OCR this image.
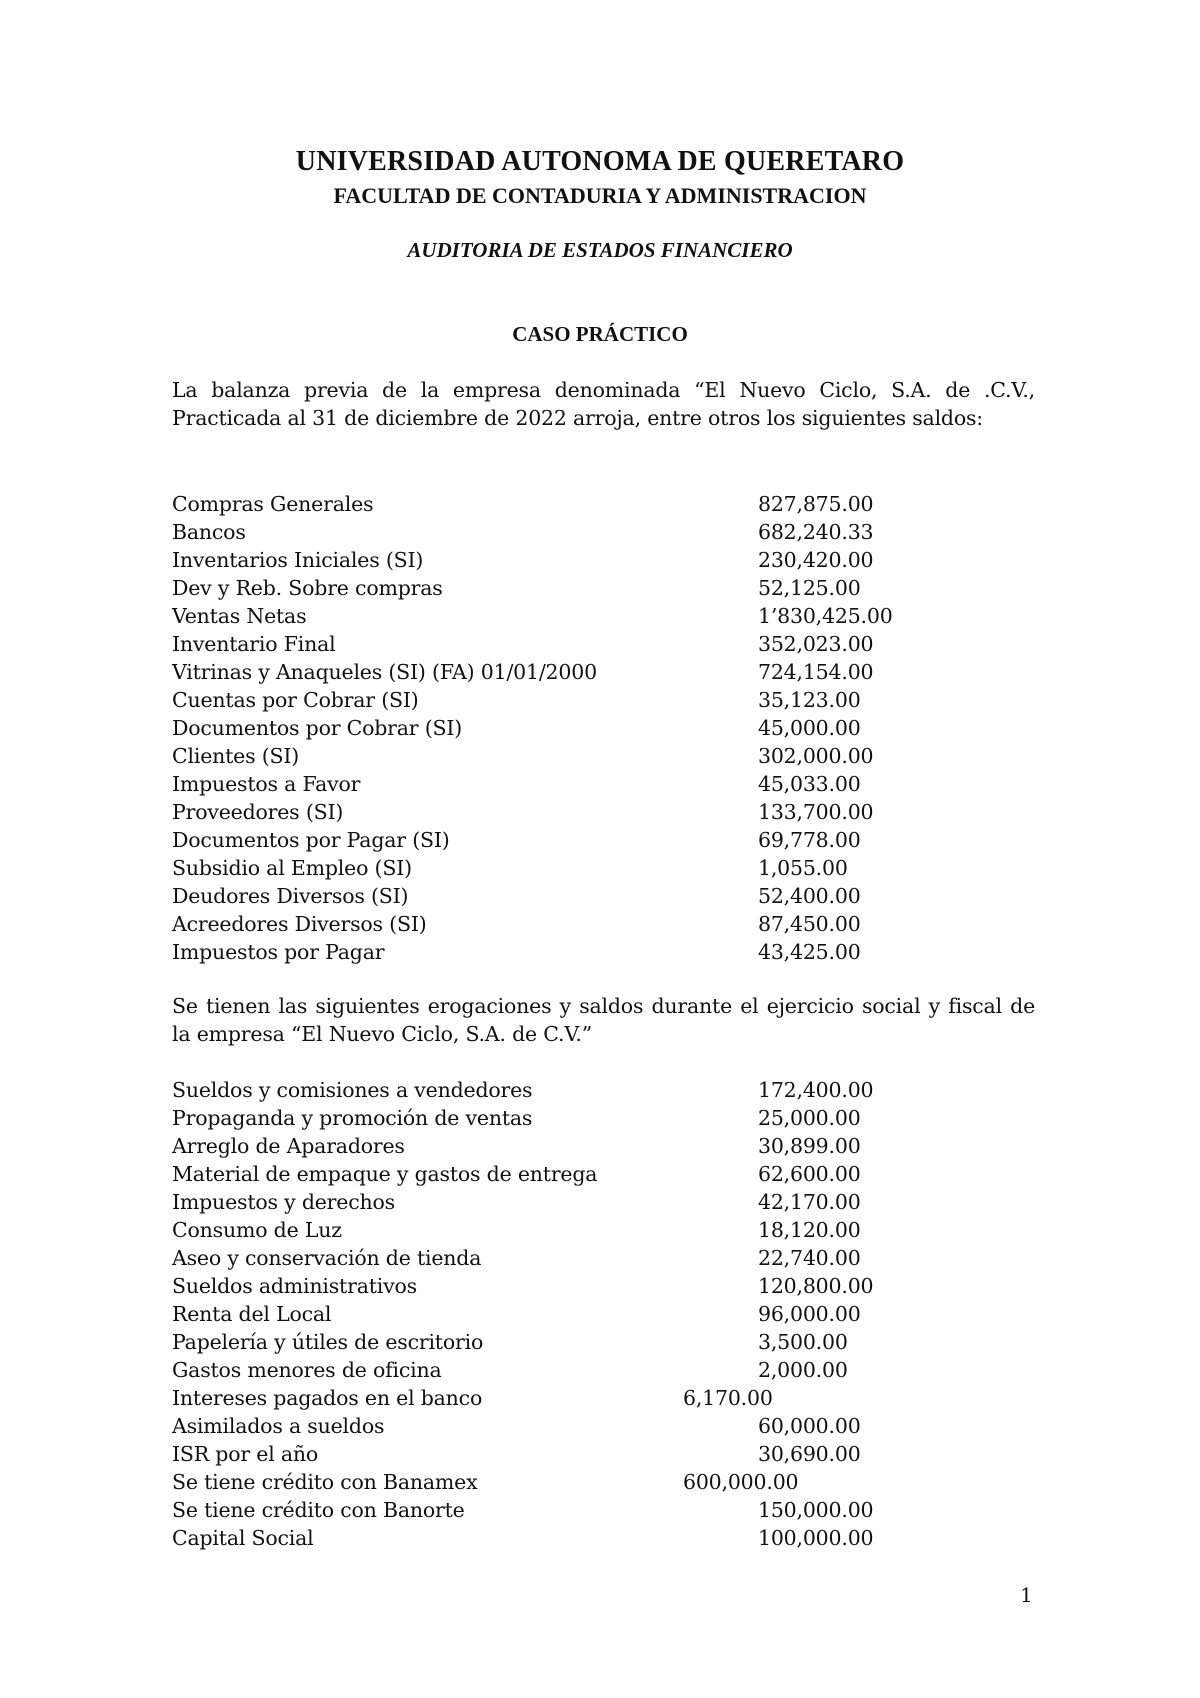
UNIVERSIDAD AUTONOMA DE QUERETARO
FACULTAD DE CONTADURIA Y ADMINISTRACION
AUDITORIA DE ESTADOS FINANCIERO
CASO PRÁCTICO
La balanza previa de la empresa denominada “El Nuevo Ciclo, S.A. de .C.V., Practicada al 31 de diciembre de 2022 arroja, entre otros los siguientes saldos:
Compras Generales	827,875.00
Bancos	682,240.33
Inventarios Iniciales (SI)	230,420.00
Dev y Reb. Sobre compras	52,125.00
Ventas Netas	1’830,425.00
Inventario Final	352,023.00
Vitrinas y Anaqueles (SI) (FA) 01/01/2000	724,154.00
Cuentas por Cobrar (SI)	35,123.00
Documentos por Cobrar (SI)	45,000.00
Clientes (SI)	302,000.00
Impuestos a Favor	45,033.00
Proveedores (SI)	133,700.00
Documentos por Pagar (SI)	69,778.00
Subsidio al Empleo (SI)	1,055.00
Deudores Diversos (SI)	52,400.00
Acreedores Diversos (SI)	87,450.00
Impuestos por Pagar	43,425.00
Se tienen las siguientes erogaciones y saldos durante el ejercicio social y fiscal de la empresa “El Nuevo Ciclo, S.A. de C.V.”
Sueldos y comisiones a vendedores	172,400.00
Propaganda y promoción de ventas	25,000.00
Arreglo de Aparadores	30,899.00
Material de empaque y gastos de entrega	62,600.00
Impuestos y derechos	42,170.00
Consumo de Luz	18,120.00
Aseo y conservación de tienda	22,740.00
Sueldos administrativos	120,800.00
Renta del Local	96,000.00
Papelería y útiles de escritorio	3,500.00
Gastos menores de oficina	2,000.00
Intereses pagados en el banco	6,170.00
Asimilados a sueldos	60,000.00
ISR por el año	30,690.00
Se tiene crédito con Banamex	600,000.00
Se tiene crédito con Banorte	150,000.00
Capital Social	100,000.00
1
